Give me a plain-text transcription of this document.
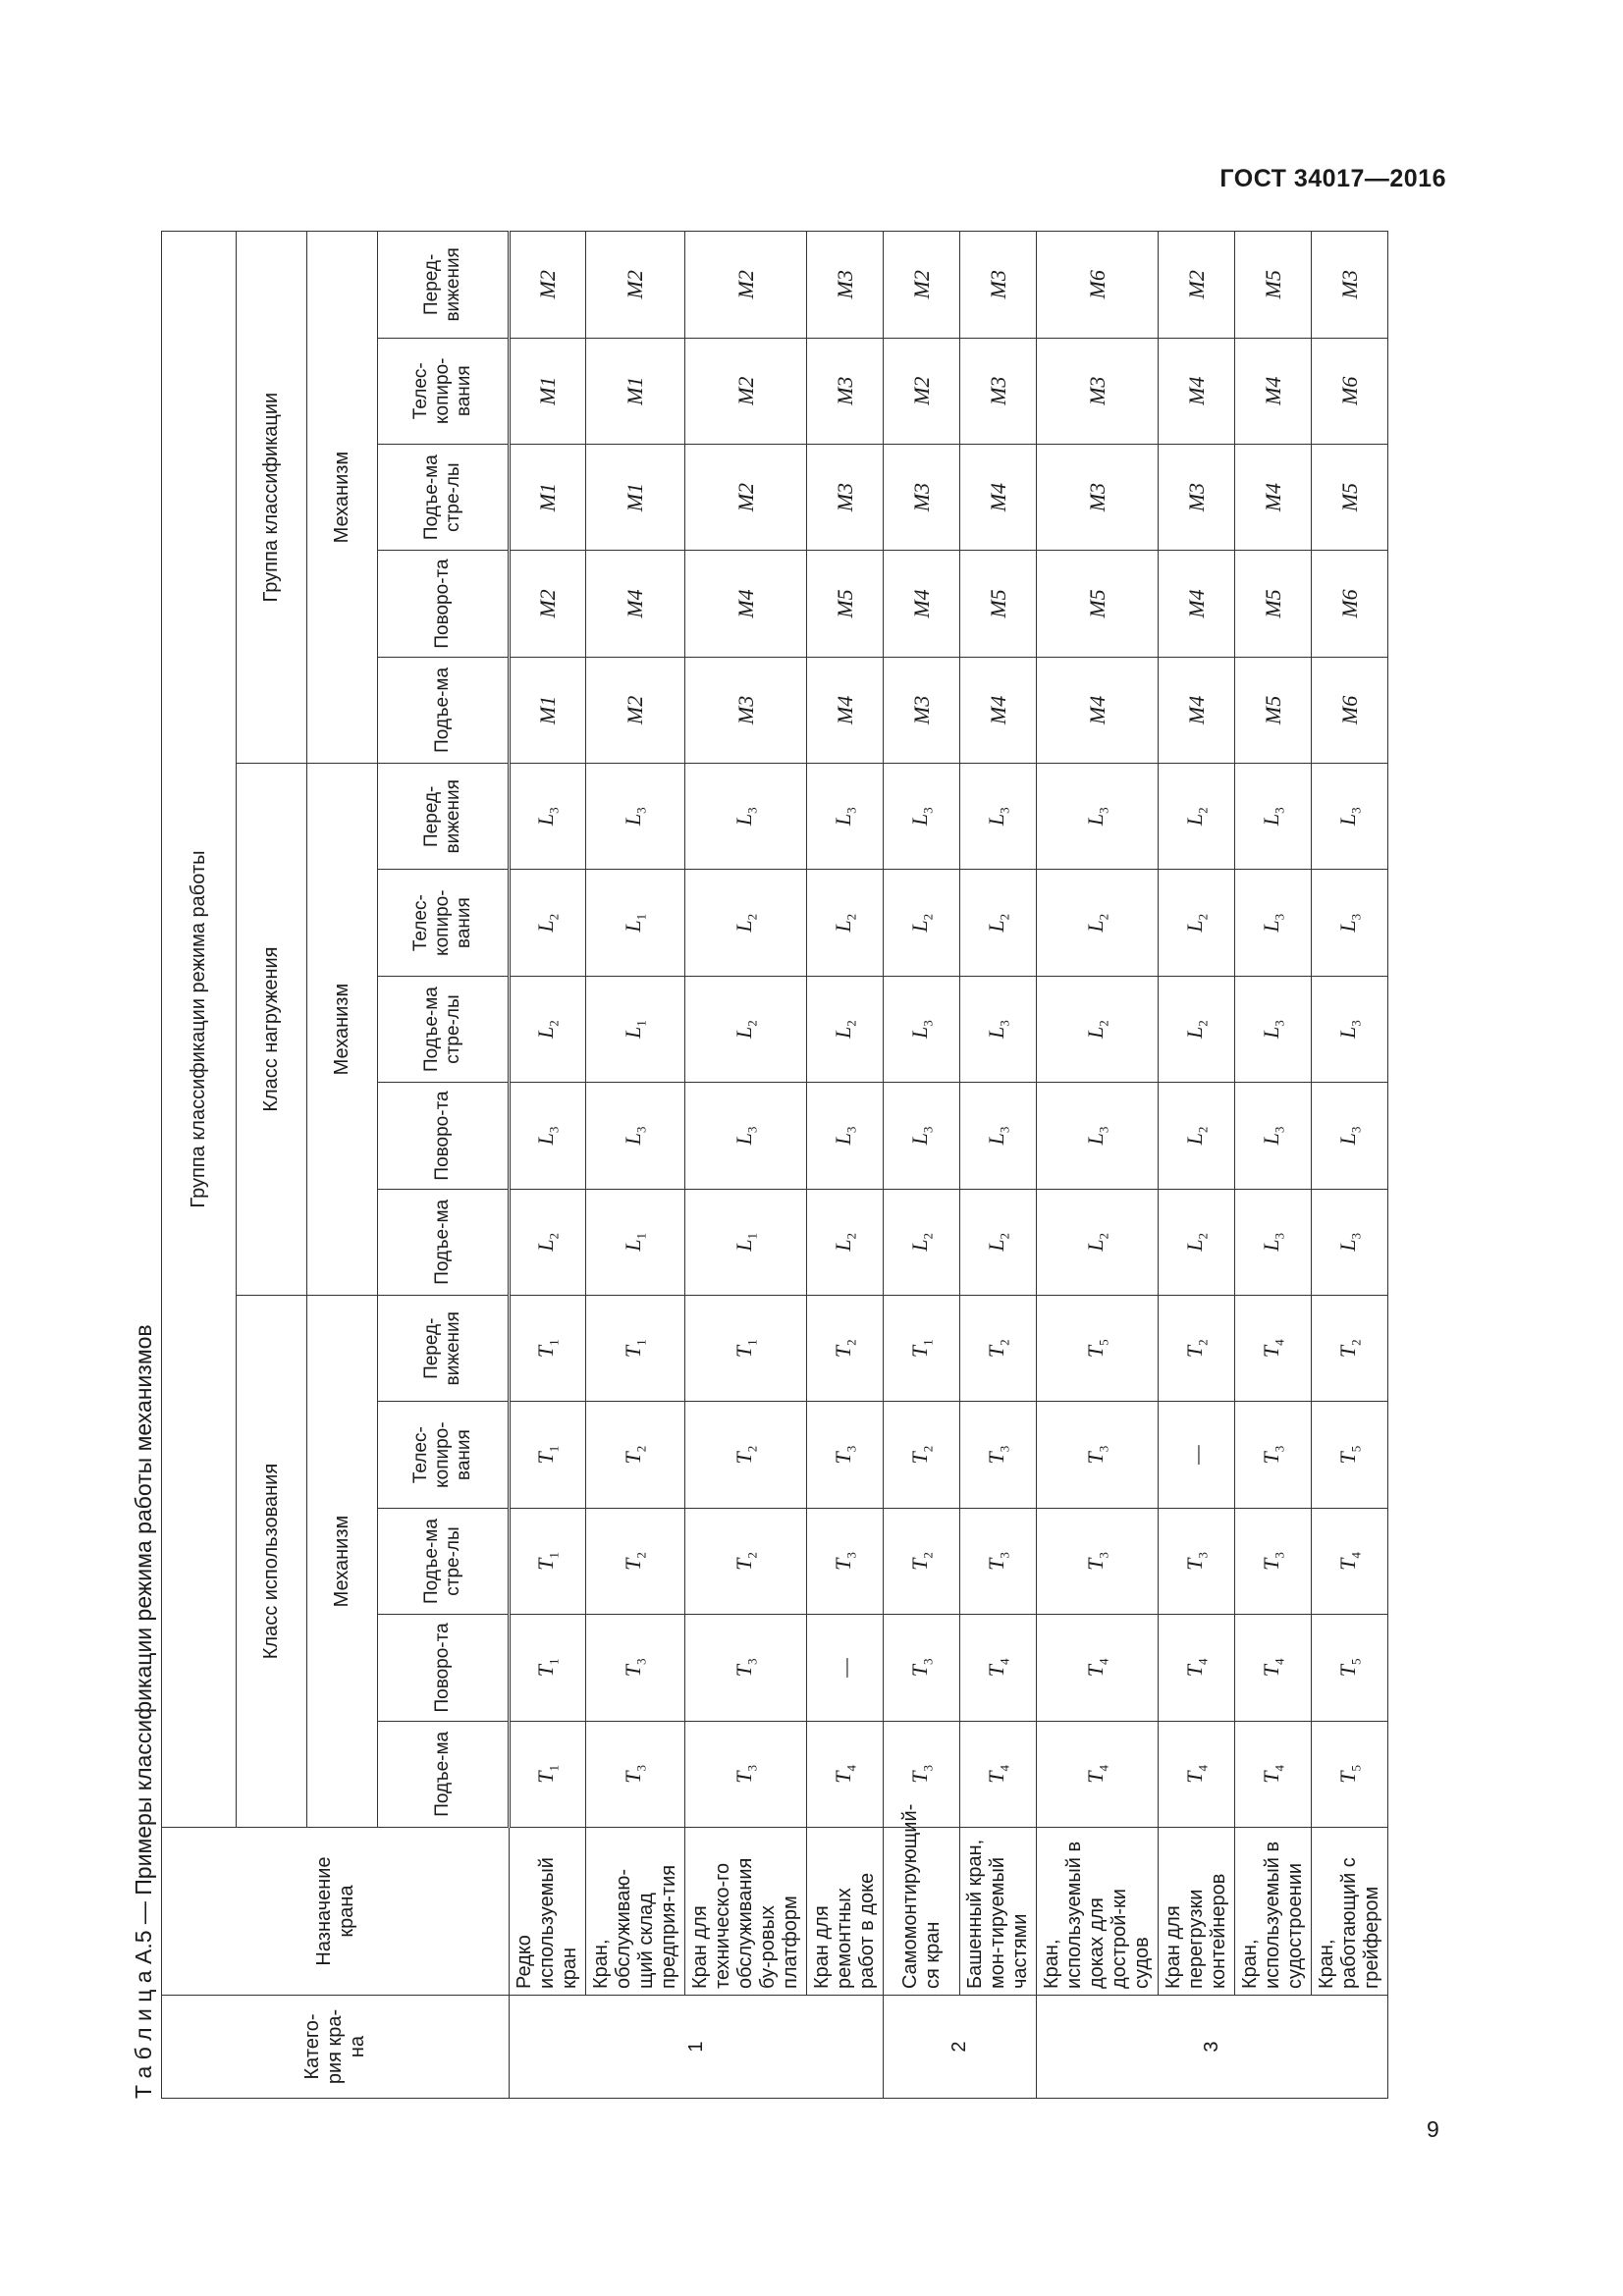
ГОСТ 34017—2016
Т а б л и ц а А.5 — Примеры классификации режима работы механизмов	Катего-рия кра-на	Назначение крана	Группа классификации режима работы														
		Класс использования					Класс нагружения					Группа классификации				
		Механизм					Механизм					Механизм				
		Подъе-ма	Поворо-та	Подъе-ма стре-лы	Телес-копиро-вания	Перед-вижения	Подъе-ма	Поворо-та	Подъе-ма стре-лы	Телес-копиро-вания	Перед-вижения	Подъе-ма	Поворо-та	Подъе-ма стре-лы	Телес-копиро-вания	Перед-вижения
1	Редко используемый кран	$T_1$	$T_1$	$T_1$	$T_1$	$T_1$	$L_2$	$L_3$	$L_2$	$L_2$	$L_3$	M1	M2	M1	M1	M2
	Кран, обслуживаю-щий склад предприя-тия	$T_3$	$T_3$	$T_2$	$T_2$	$T_1$	$L_1$	$L_3$	$L_1$	$L_1$	$L_3$	M2	M4	M1	M1	M2
	Кран для техническо-го обслуживания бу-ровых платформ	$T_3$	$T_3$	$T_2$	$T_2$	$T_1$	$L_1$	$L_3$	$L_2$	$L_2$	$L_3$	M3	M4	M2	M2	M2
	Кран для ремонтных работ в доке	$T_4$	—	$T_3$	$T_3$	$T_2$	$L_2$	$L_3$	$L_2$	$L_2$	$L_3$	M4	M5	M3	M3	M3
2	Самомонтирующий-ся кран	$T_3$	$T_3$	$T_2$	$T_2$	$T_1$	$L_2$	$L_3$	$L_3$	$L_2$	$L_3$	M3	M4	M3	M2	M2
	Башенный кран, мон-тируемый частями	$T_4$	$T_4$	$T_3$	$T_3$	$T_2$	$L_2$	$L_3$	$L_3$	$L_2$	$L_3$	M4	M5	M4	M3	M3
3	Кран, используемый в доках для дострой-ки судов	$T_4$	$T_4$	$T_3$	$T_3$	$T_5$	$L_2$	$L_3$	$L_2$	$L_2$	$L_3$	M4	M5	M3	M3	M6
	Кран для перегрузки контейнеров	$T_4$	$T_4$	$T_3$	—	$T_2$	$L_2$	$L_2$	$L_2$	$L_2$	$L_2$	M4	M4	M3	M4	M2
	Кран, используемый в судостроении	$T_4$	$T_4$	$T_3$	$T_3$	$T_4$	$L_3$	$L_3$	$L_3$	$L_3$	$L_3$	M5	M5	M4	M4	M5
	Кран, работающий с грейфером	$T_5$	$T_5$	$T_4$	$T_5$	$T_2$	$L_3$	$L_3$	$L_3$	$L_3$	$L_3$	M6	M6	M5	M6	M3
9
